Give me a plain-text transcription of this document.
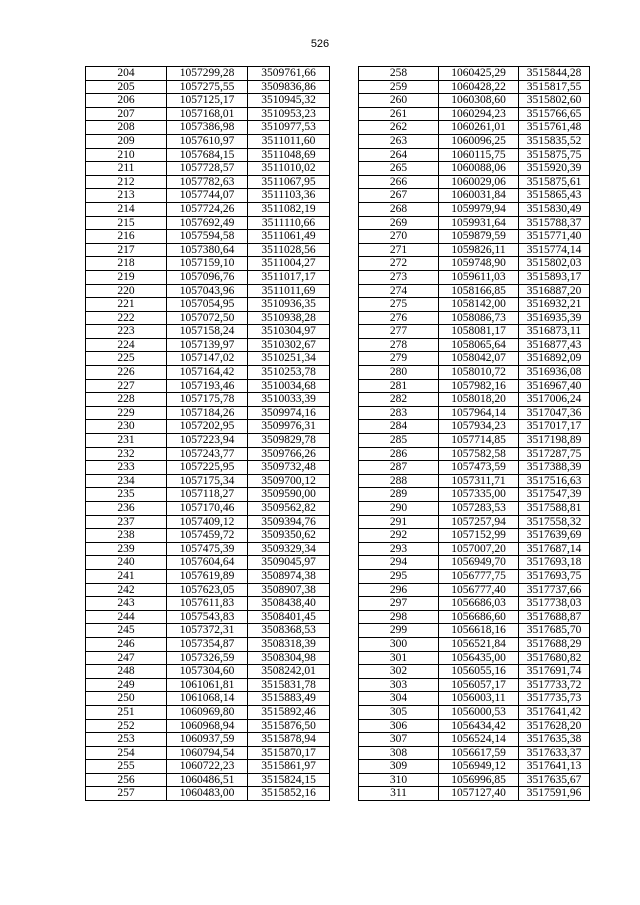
526
204	1057299,28	3509761,66
205	1057275,55	3509836,86
206	1057125,17	3510945,32
207	1057168,01	3510953,23
208	1057386,98	3510977,53
209	1057610,97	3511011,60
210	1057684,15	3511048,69
211	1057728,57	3511010,02
212	1057782,63	3511067,95
213	1057744,07	3511103,36
214	1057724,26	3511082,19
215	1057692,49	3511110,66
216	1057594,58	3511061,49
217	1057380,64	3511028,56
218	1057159,10	3511004,27
219	1057096,76	3511017,17
220	1057043,96	3511011,69
221	1057054,95	3510936,35
222	1057072,50	3510938,28
223	1057158,24	3510304,97
224	1057139,97	3510302,67
225	1057147,02	3510251,34
226	1057164,42	3510253,78
227	1057193,46	3510034,68
228	1057175,78	3510033,39
229	1057184,26	3509974,16
230	1057202,95	3509976,31
231	1057223,94	3509829,78
232	1057243,77	3509766,26
233	1057225,95	3509732,48
234	1057175,34	3509700,12
235	1057118,27	3509590,00
236	1057170,46	3509562,82
237	1057409,12	3509394,76
238	1057459,72	3509350,62
239	1057475,39	3509329,34
240	1057604,64	3509045,97
241	1057619,89	3508974,38
242	1057623,05	3508907,38
243	1057611,83	3508438,40
244	1057543,83	3508401,45
245	1057372,31	3508368,53
246	1057354,87	3508318,39
247	1057326,59	3508304,98
248	1057304,60	3508242,01
249	1061061,81	3515831,78
250	1061068,14	3515883,49
251	1060969,80	3515892,46
252	1060968,94	3515876,50
253	1060937,59	3515878,94
254	1060794,54	3515870,17
255	1060722,23	3515861,97
256	1060486,51	3515824,15
257	1060483,00	3515852,16
258	1060425,29	3515844,28
259	1060428,22	3515817,55
260	1060308,60	3515802,60
261	1060294,23	3515766,65
262	1060261,01	3515761,48
263	1060096,25	3515835,52
264	1060115,75	3515875,75
265	1060088,06	3515920,39
266	1060029,06	3515875,61
267	1060031,84	3515865,43
268	1059979,94	3515830,49
269	1059931,64	3515788,37
270	1059879,59	3515771,40
271	1059826,11	3515774,14
272	1059748,90	3515802,03
273	1059611,03	3515893,17
274	1058166,85	3516887,20
275	1058142,00	3516932,21
276	1058086,73	3516935,39
277	1058081,17	3516873,11
278	1058065,64	3516877,43
279	1058042,07	3516892,09
280	1058010,72	3516936,08
281	1057982,16	3516967,40
282	1058018,20	3517006,24
283	1057964,14	3517047,36
284	1057934,23	3517017,17
285	1057714,85	3517198,89
286	1057582,58	3517287,75
287	1057473,59	3517388,39
288	1057311,71	3517516,63
289	1057335,00	3517547,39
290	1057283,53	3517588,81
291	1057257,94	3517558,32
292	1057152,99	3517639,69
293	1057007,20	3517687,14
294	1056949,70	3517693,18
295	1056777,75	3517693,75
296	1056777,40	3517737,66
297	1056686,03	3517738,03
298	1056686,60	3517688,87
299	1056618,16	3517685,70
300	1056521,84	3517688,29
301	1056435,00	3517680,82
302	1056055,16	3517691,74
303	1056057,17	3517733,72
304	1056003,11	3517735,73
305	1056000,53	3517641,42
306	1056434,42	3517628,20
307	1056524,14	3517635,38
308	1056617,59	3517633,37
309	1056949,12	3517641,13
310	1056996,85	3517635,67
311	1057127,40	3517591,96
